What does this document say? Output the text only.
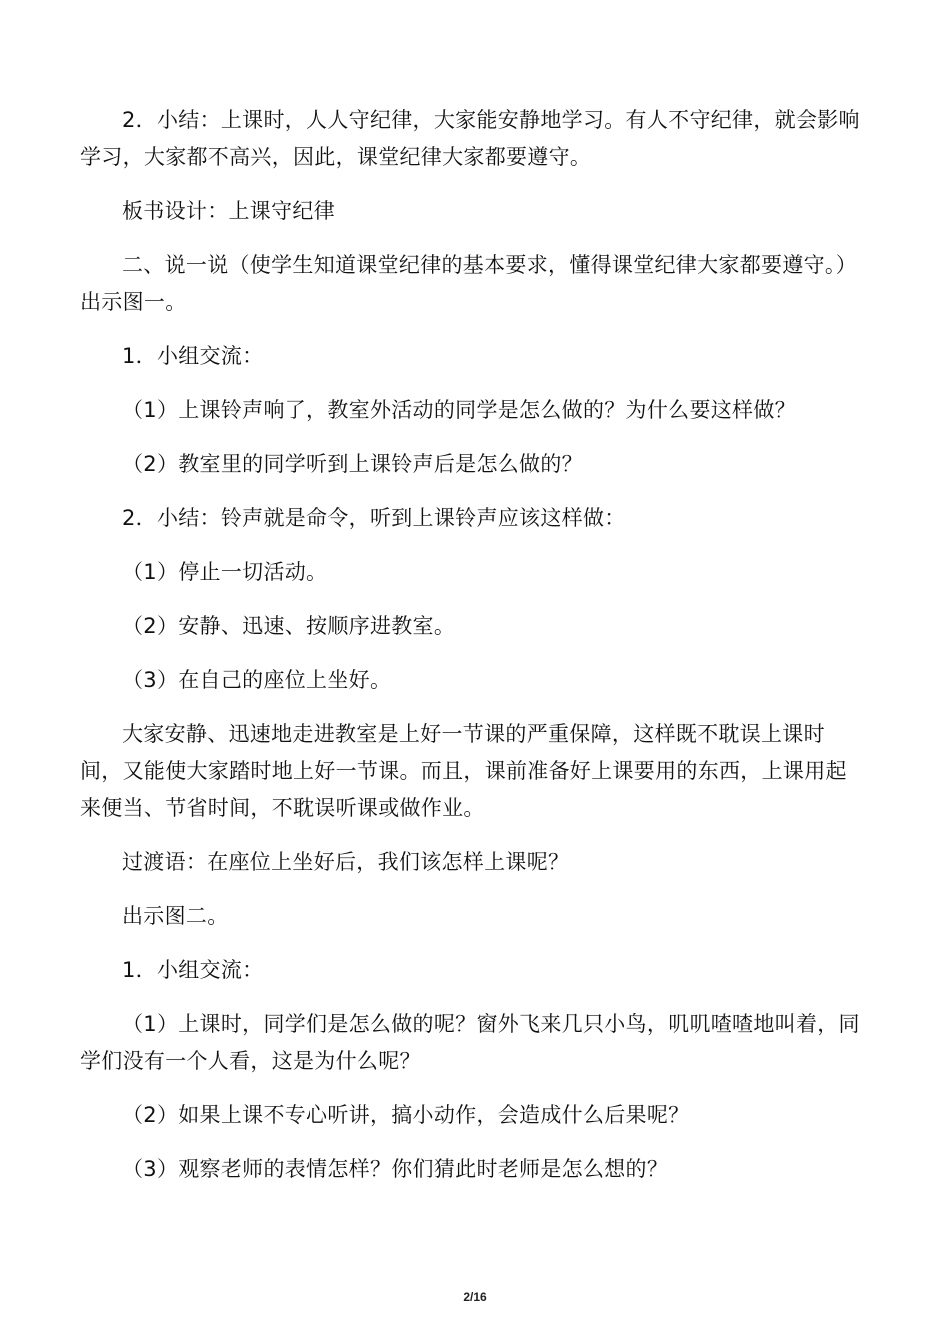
2．小结：上课时，人人守纪律，大家能安静地学习。有人不守纪律，就会影响学习，大家都不高兴，因此，课堂纪律大家都要遵守。

板书设计：上课守纪律

二、说一说（使学生知道课堂纪律的基本要求，懂得课堂纪律大家都要遵守。）出示图一。

1．小组交流：

（1）上课铃声响了，教室外活动的同学是怎么做的？为什么要这样做？

（2）教室里的同学听到上课铃声后是怎么做的？

2．小结：铃声就是命令，听到上课铃声应该这样做：

（1）停止一切活动。

（2）安静、迅速、按顺序进教室。

（3）在自己的座位上坐好。

大家安静、迅速地走进教室是上好一节课的严重保障，这样既不耽误上课时间，又能使大家踏时地上好一节课。而且，课前准备好上课要用的东西，上课用起来便当、节省时间，不耽误听课或做作业。

过渡语：在座位上坐好后，我们该怎样上课呢？

出示图二。

1．小组交流：

（1）上课时，同学们是怎么做的呢？窗外飞来几只小鸟，叽叽喳喳地叫着，同学们没有一个人看，这是为什么呢？

（2）如果上课不专心听讲，搞小动作，会造成什么后果呢？

（3）观察老师的表情怎样？你们猜此时老师是怎么想的？

2/16
